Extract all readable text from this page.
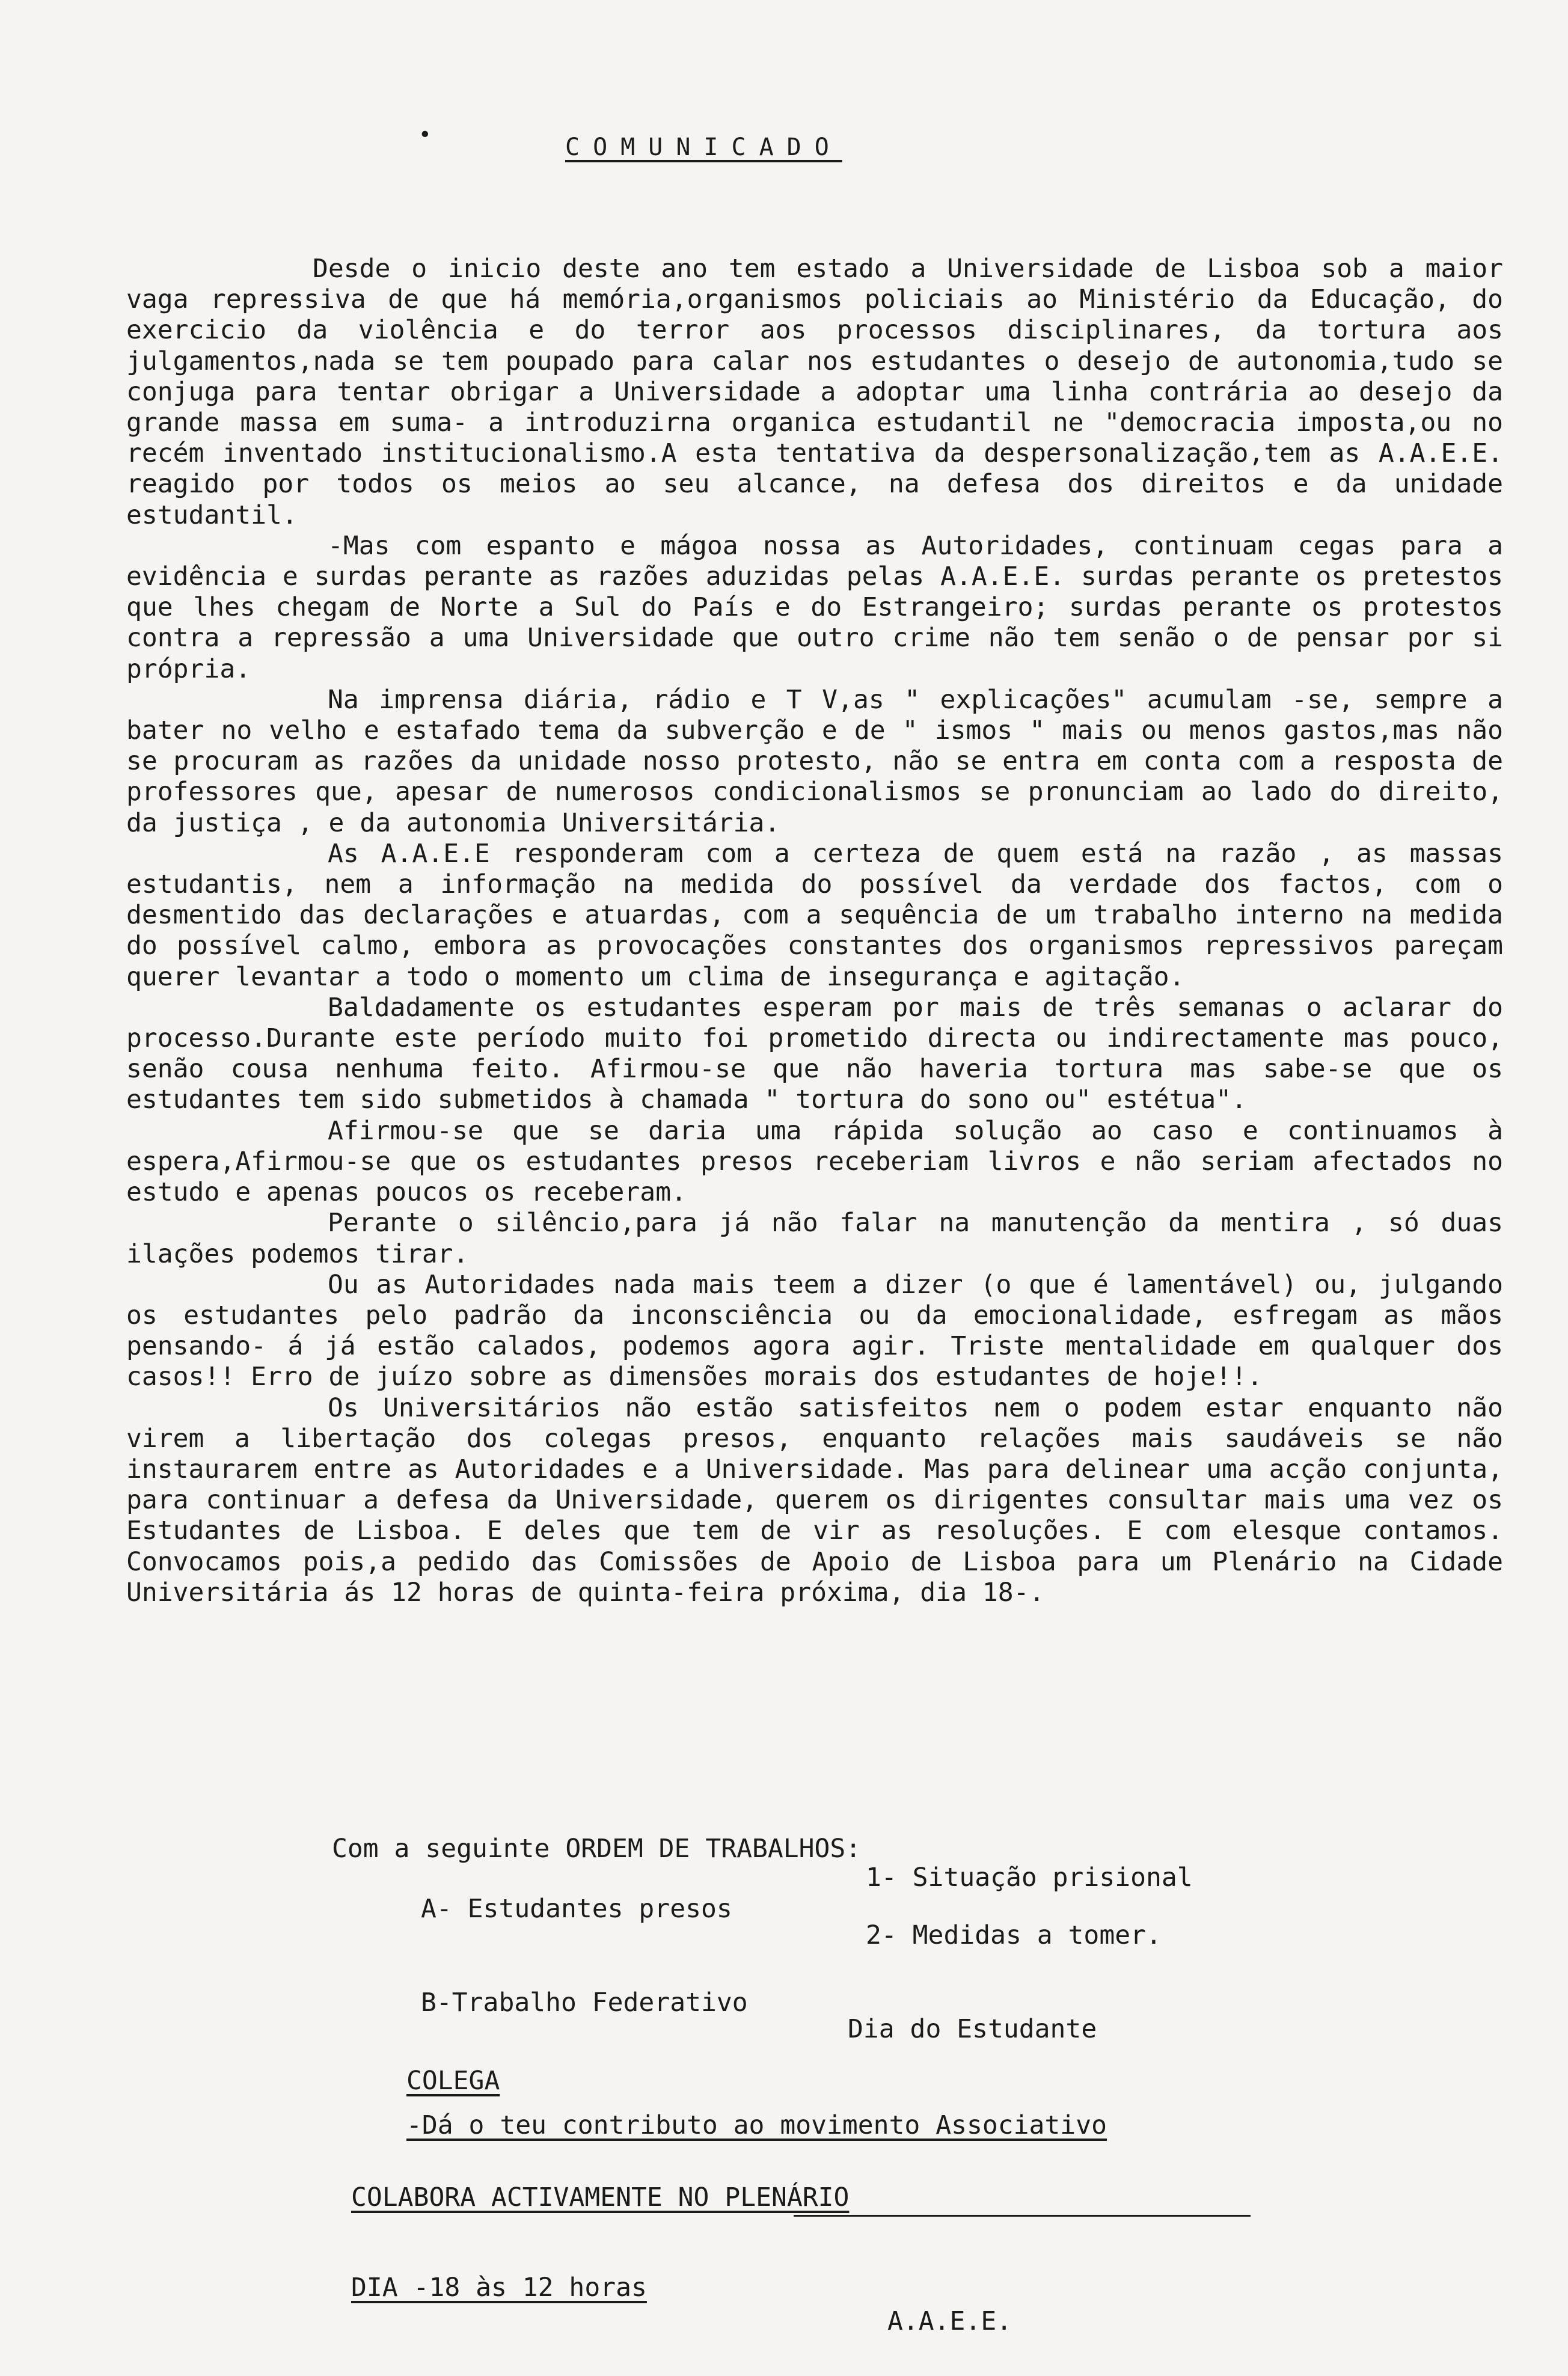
•	COMUNICADO

Desde o inicio deste ano tem estado a Universidade de Lisboa sob a maior vaga repressiva de que há memória,organismos policiais ao Ministério da Educação, do exercicio da violência e do terror aos processos disciplinares, da tortura aos julgamentos,nada se tem poupado para calar nos estudantes o desejo de autonomia,tudo se conjuga para tentar obrigar a Universidade a adoptar uma linha contrária ao desejo da grande massa em suma- a introduzirna organica estudantil ne "democracia imposta,ou no recém inventado institucionalismo.A esta tentativa da despersonalização,tem as A.A.E.E. reagido por todos os meios ao seu alcance, na defesa dos direitos e da unidade estudantil.

-Mas com espanto e mágoa nossa as Autoridades, continuam cegas para a evidência e surdas perante as razões aduzidas pelas A.A.E.E. surdas perante os pretestos que lhes chegam de Norte a Sul do País e do Estrangeiro; surdas perante os protestos contra a repressão a uma Universidade que outro crime não tem senão o de pensar por si própria.

Na imprensa diária, rádio e T V,as " explicações" acumulam -se, sempre a bater no velho e estafado tema da subverção e de " ismos " mais ou menos gastos,mas não se procuram as razões da unidade nosso protesto, não se entra em conta com a resposta de professores que, apesar de numerosos condicionalismos se pronunciam ao lado do direito, da justiça , e da autonomia Universitária.

As A.A.E.E responderam com a certeza de quem está na razão , as massas estudantis, nem a informação na medida do possível da verdade dos factos, com o desmentido das declarações e atuardas, com a sequência de um trabalho interno na medida do possível calmo, embora as provocações constantes dos organismos repressivos pareçam querer levantar a todo o momento um clima de insegurança e agitação.

Baldadamente os estudantes esperam por mais de três semanas o aclarar do processo.Durante este período muito foi prometido directa ou indirectamente mas pouco, senão cousa nenhuma feito. Afirmou-se que não haveria tortura mas sabe-se que os estudantes tem sido submetidos à chamada " tortura do sono ou" estétua".

Afirmou-se que se daria uma rápida solução ao caso e continuamos à espera,Afirmou-se que os estudantes presos receberiam livros e não seriam afectados no estudo e apenas poucos os receberam.

Perante o silêncio,para já não falar na manutenção da mentira , só duas ilações podemos tirar.

Ou as Autoridades nada mais teem a dizer (o que é lamentável) ou, julgando os estudantes pelo padrão da inconsciência ou da emocionalidade, esfregam as mãos pensando- á já estão calados, podemos agora agir. Triste mentalidade em qualquer dos casos!! Erro de juízo sobre as dimensões morais dos estudantes de hoje!!.

Os Universitários não estão satisfeitos nem o podem estar enquanto não virem a libertação dos colegas presos, enquanto relações mais saudáveis se não instaurarem entre as Autoridades e a Universidade. Mas para delinear uma acção conjunta, para continuar a defesa da Universidade, querem os dirigentes consultar mais uma vez os Estudantes de Lisboa. E deles que tem de vir as resoluções. E com elesque contamos. Convocamos pois,a pedido das Comissões de Apoio de Lisboa para um Plenário na Cidade Universitária ás 12 horas de quinta-feira próxima, dia 18-.

Com a seguinte ORDEM DE TRABALHOS:
1- Situação prisional
A- Estudantes presos
2- Medidas a tomer.
B-Trabalho Federativo
Dia do Estudante
COLEGA
-Dá o teu contributo ao movimento Associativo
COLABORA ACTIVAMENTE NO PLENÁRIO
DIA -18 às 12 horas
A.A.E.E.
